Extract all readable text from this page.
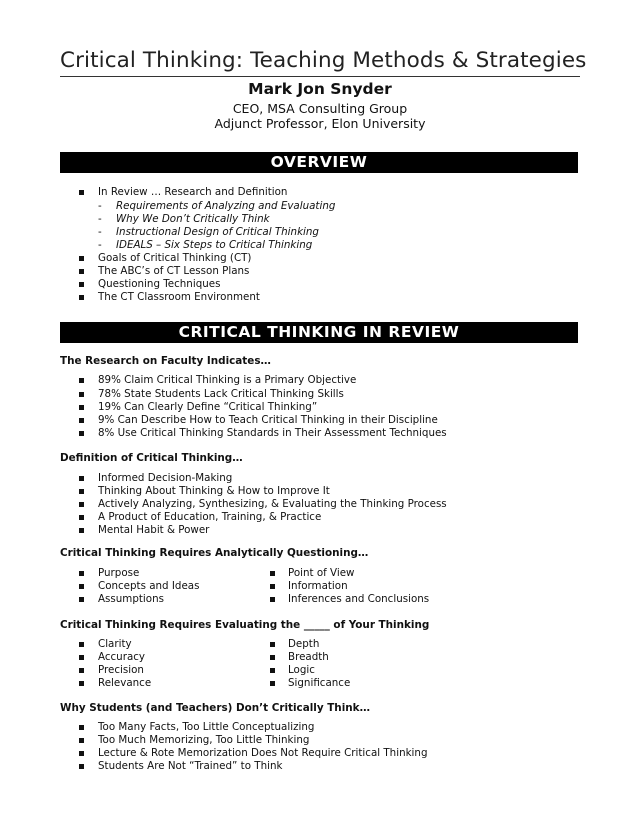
Critical Thinking: Teaching Methods & Strategies
Mark Jon Snyder
CEO, MSA Consulting Group
Adjunct Professor, Elon University
OVERVIEW
In Review … Research and Definition
- Requirements of Analyzing and Evaluating
- Why We Don’t Critically Think
- Instructional Design of Critical Thinking
- IDEALS – Six Steps to Critical Thinking
Goals of Critical Thinking (CT)
The ABC’s of CT Lesson Plans
Questioning Techniques
The CT Classroom Environment
CRITICAL THINKING IN REVIEW
The Research on Faculty Indicates…
89% Claim Critical Thinking is a Primary Objective
78% State Students Lack Critical Thinking Skills
19% Can Clearly Define “Critical Thinking”
9% Can Describe How to Teach Critical Thinking in their Discipline
8% Use Critical Thinking Standards in Their Assessment Techniques
Definition of Critical Thinking…
Informed Decision-Making
Thinking About Thinking & How to Improve It
Actively Analyzing, Synthesizing, & Evaluating the Thinking Process
A Product of Education, Training, & Practice
Mental Habit & Power
Critical Thinking Requires Analytically Questioning…
Purpose	Point of View
Concepts and Ideas	Information
Assumptions	Inferences and Conclusions
Critical Thinking Requires Evaluating the _____ of Your Thinking
Clarity	Depth
Accuracy	Breadth
Precision	Logic
Relevance	Significance
Why Students (and Teachers) Don’t Critically Think…
Too Many Facts, Too Little Conceptualizing
Too Much Memorizing, Too Little Thinking
Lecture & Rote Memorization Does Not Require Critical Thinking
Students Are Not “Trained” to Think
